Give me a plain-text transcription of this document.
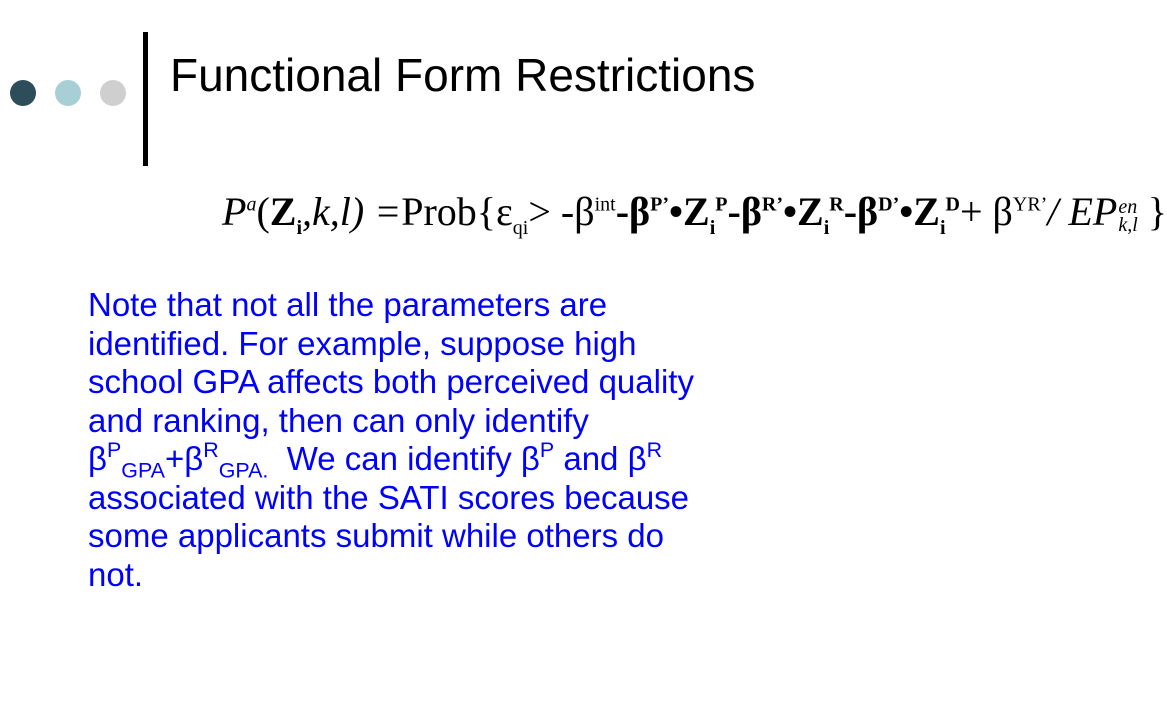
Functional Form Restrictions
$P^a(Z_i,k,l)$ $=Prob\{\varepsilon_{qi}>$ $-\beta^{int}-\beta^{P’}•Z_i^P-\beta^{R’}•Z_i^R-\beta^{D’}•Z_i^D+ \beta^{YR’}/$ EP en
k,l }
Note that not all the parameters are
identified. For example, suppose high
school GPA affects both perceived quality
and ranking, then can only identify
$\beta^P_{GPA}+\beta^R_{GPA.}$  We can identify $\beta^P$ and $\beta^R$
associated with the SATI scores because
some applicants submit while others do
not.
